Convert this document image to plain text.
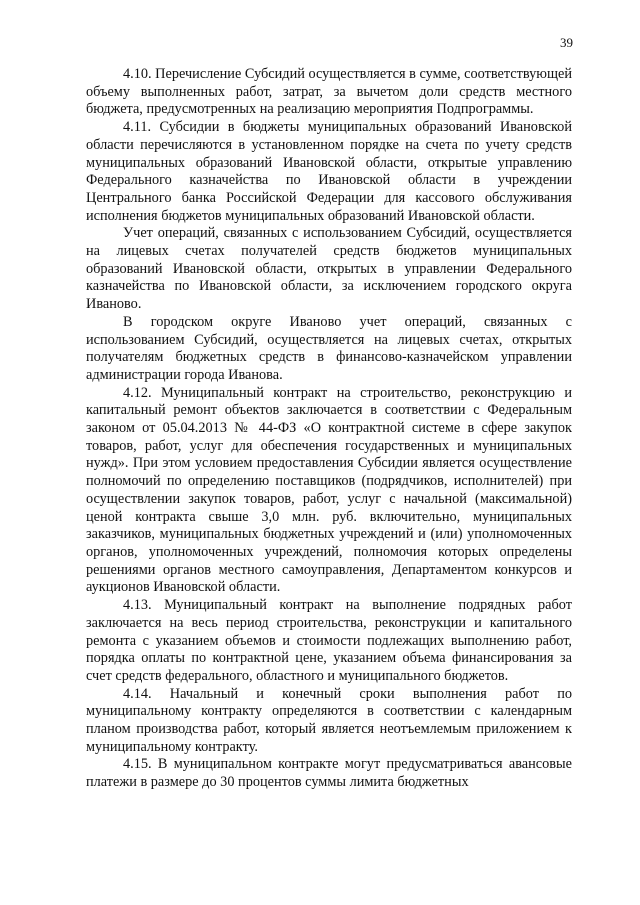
39

4.10. Перечисление Субсидий осуществляется в сумме, соответствующей объему выполненных работ, затрат, за вычетом доли средств местного бюджета, предусмотренных на реализацию мероприятия Подпрограммы.

4.11. Субсидии в бюджеты муниципальных образований Ивановской области перечисляются в установленном порядке на счета по учету средств муниципальных образований Ивановской области, открытые управлению Федерального казначейства по Ивановской области в учреждении Центрального банка Российской Федерации для кассового обслуживания исполнения бюджетов муниципальных образований Ивановской области.

Учет операций, связанных с использованием Субсидий, осуществляется на лицевых счетах получателей средств бюджетов муниципальных образований Ивановской области, открытых в управлении Федерального казначейства по Ивановской области, за исключением городского округа Иваново.

В городском округе Иваново учет операций, связанных с использованием Субсидий, осуществляется на лицевых счетах, открытых получателям бюджетных средств в финансово-казначейском управлении администрации города Иванова.

4.12. Муниципальный контракт на строительство, реконструкцию и капитальный ремонт объектов заключается в соответствии с Федеральным законом от 05.04.2013 № 44-ФЗ «О контрактной системе в сфере закупок товаров, работ, услуг для обеспечения государственных и муниципальных нужд». При этом условием предоставления Субсидии является осуществление полномочий по определению поставщиков (подрядчиков, исполнителей) при осуществлении закупок товаров, работ, услуг с начальной (максимальной) ценой контракта свыше 3,0 млн. руб. включительно, муниципальных заказчиков, муниципальных бюджетных учреждений и (или) уполномоченных органов, уполномоченных учреждений, полномочия которых определены решениями органов местного самоуправления, Департаментом конкурсов и аукционов Ивановской области.

4.13. Муниципальный контракт на выполнение подрядных работ заключается на весь период строительства, реконструкции и капитального ремонта с указанием объемов и стоимости подлежащих выполнению работ, порядка оплаты по контрактной цене, указанием объема финансирования за счет средств федерального, областного и муниципального бюджетов.

4.14. Начальный и конечный сроки выполнения работ по муниципальному контракту определяются в соответствии с календарным планом производства работ, который является неотъемлемым приложением к муниципальному контракту.

4.15. В муниципальном контракте могут предусматриваться авансовые платежи в размере до 30 процентов суммы лимита бюджетных
